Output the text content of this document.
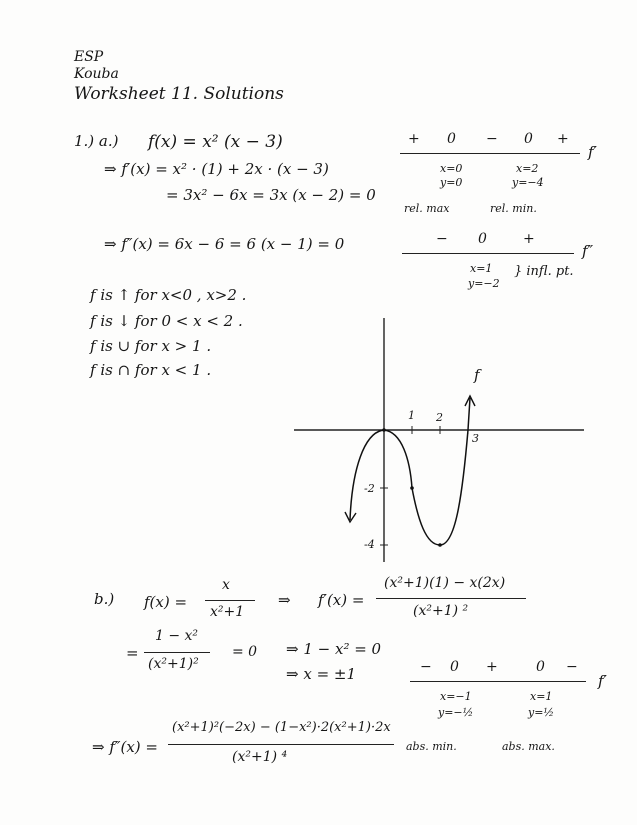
ESP
Kouba
Worksheet 11. Solutions
1.) a.) f(x) = x² (x − 3)
⇒ f′(x) = x² · (1) + 2x · (x − 3)
= 3x² − 6x = 3x (x − 2) = 0
⇒ f″(x) = 6x − 6 = 6 (x − 1) = 0
+ 0 − 0 +
f′
x=0
y=0
rel. max
x=2
y=−4
rel. min.
− 0	+
f″
x=1
y=−2
} infl. pt.
f is ↑ for x<0 , x>2 .
f is ↓ for 0 < x < 2 .
f is ∪ for x > 1 .
f is ∩ for x < 1 .	f
1 2
3
-2
-4
b.) f(x) =
x
x²+1
⇒ f′(x) =
(x²+1)(1) − x(2x)
(x²+1) ²
=
1 − x²
(x²+1)²
= 0 ⇒ 1 − x² = 0
⇒ x = ±1	− 0 +	0 −
f′
x=−1
y=−½
abs. min.
x=1
y=½
abs. max.
⇒ f″(x) =
(x²+1)²(−2x) − (1−x²)·2(x²+1)·2x
(x²+1) ⁴
